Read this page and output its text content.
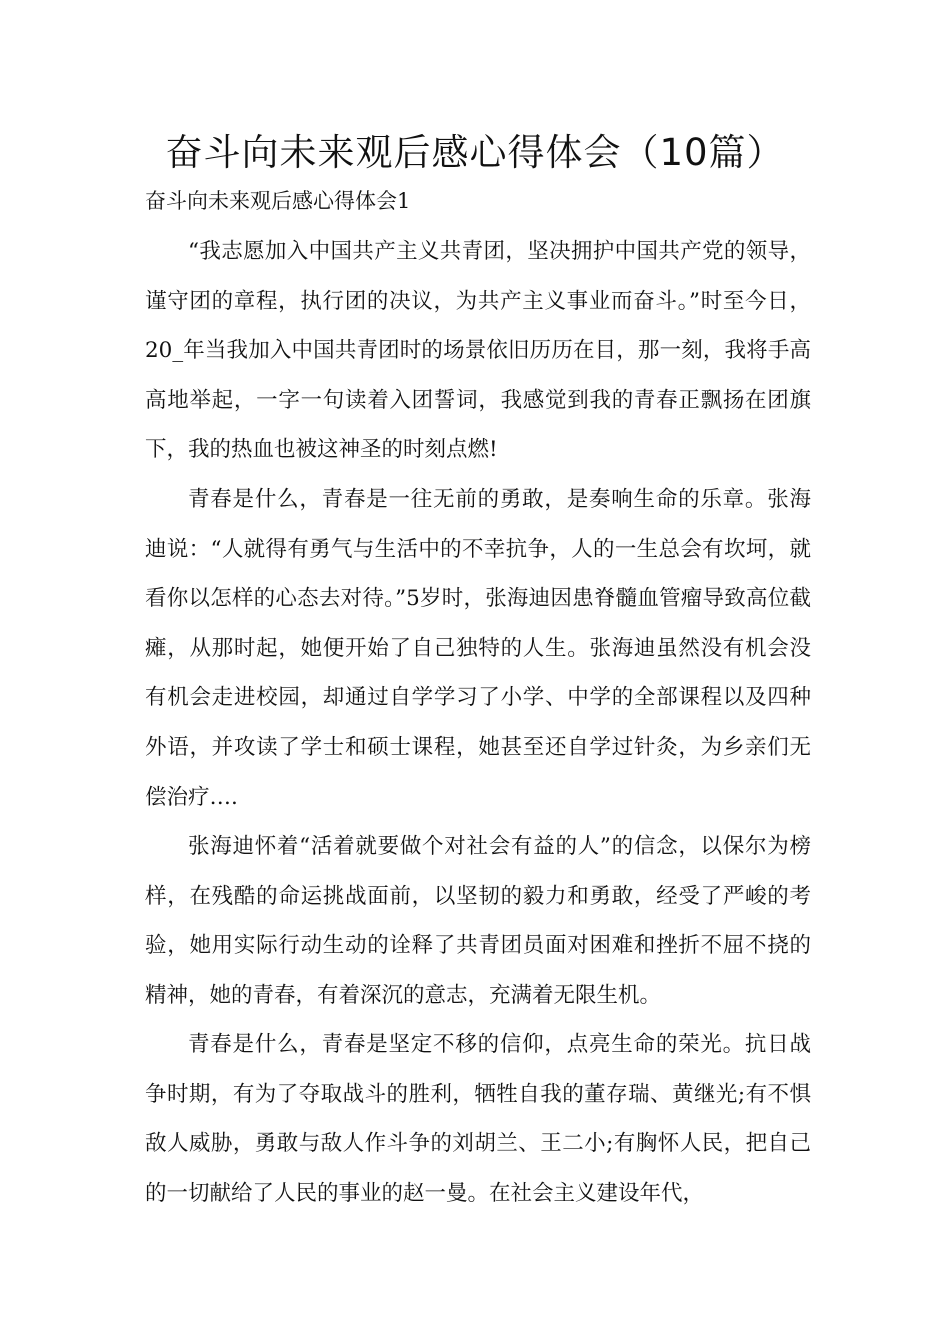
奋斗向未来观后感心得体会（10篇）
奋斗向未来观后感心得体会1

“我志愿加入中国共产主义共青团，坚决拥护中国共产党的领导，谨守团的章程，执行团的决议，为共产主义事业而奋斗。”时至今日，20_年当我加入中国共青团时的场景依旧历历在目，那一刻，我将手高高地举起，一字一句读着入团誓词，我感觉到我的青春正飘扬在团旗下，我的热血也被这神圣的时刻点燃!

青春是什么，青春是一往无前的勇敢，是奏响生命的乐章。张海迪说：“人就得有勇气与生活中的不幸抗争，人的一生总会有坎坷，就看你以怎样的心态去对待。”5岁时，张海迪因患脊髓血管瘤导致高位截瘫，从那时起，她便开始了自己独特的人生。张海迪虽然没有机会没有机会走进校园，却通过自学学习了小学、中学的全部课程以及四种外语，并攻读了学士和硕士课程，她甚至还自学过针灸，为乡亲们无偿治疗….

张海迪怀着“活着就要做个对社会有益的人”的信念，以保尔为榜样，在残酷的命运挑战面前，以坚韧的毅力和勇敢，经受了严峻的考验，她用实际行动生动的诠释了共青团员面对困难和挫折不屈不挠的精神，她的青春，有着深沉的意志，充满着无限生机。

青春是什么，青春是坚定不移的信仰，点亮生命的荣光。抗日战争时期，有为了夺取战斗的胜利，牺牲自我的董存瑞、黄继光;有不惧敌人威胁，勇敢与敌人作斗争的刘胡兰、王二小;有胸怀人民，把自己的一切献给了人民的事业的赵一曼。在社会主义建设年代，
